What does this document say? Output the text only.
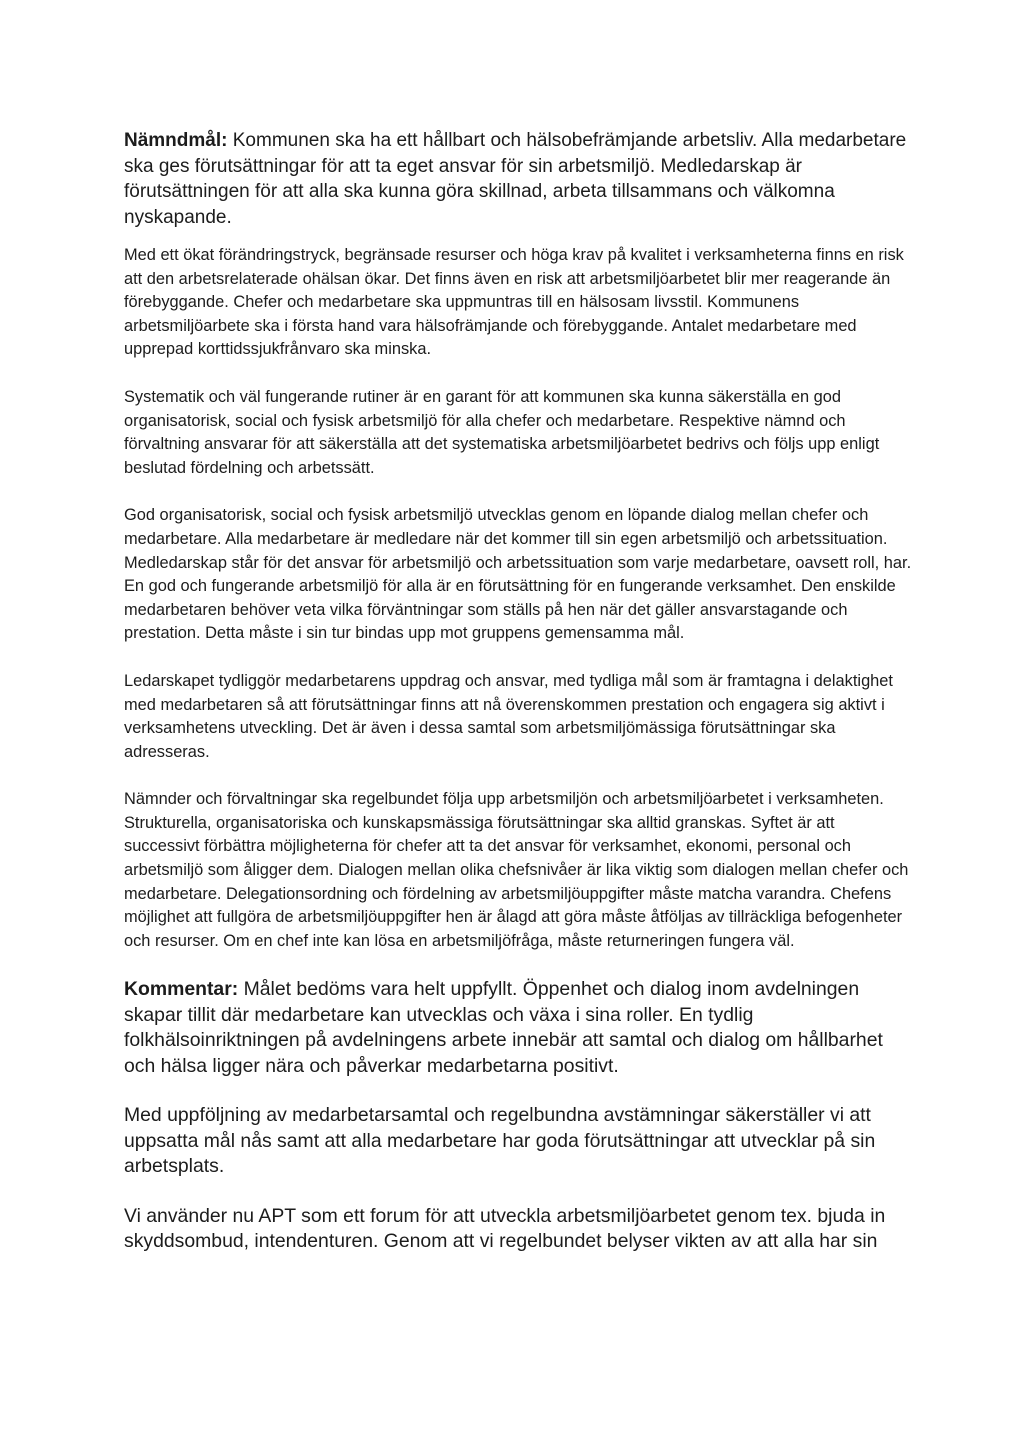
Nämndmål: Kommunen ska ha ett hållbart och hälsobefrämjande arbetsliv. Alla medarbetare ska ges förutsättningar för att ta eget ansvar för sin arbetsmiljö. Medledarskap är förutsättningen för att alla ska kunna göra skillnad, arbeta tillsammans och välkomna nyskapande.

Med ett ökat förändringstryck, begränsade resurser och höga krav på kvalitet i verksamheterna finns en risk att den arbetsrelaterade ohälsan ökar. Det finns även en risk att arbetsmiljöarbetet blir mer reagerande än förebyggande. Chefer och medarbetare ska uppmuntras till en hälsosam livsstil. Kommunens arbetsmiljöarbete ska i första hand vara hälsofrämjande och förebyggande. Antalet medarbetare med upprepad korttidssjukfrånvaro ska minska.

Systematik och väl fungerande rutiner är en garant för att kommunen ska kunna säkerställa en god organisatorisk, social och fysisk arbetsmiljö för alla chefer och medarbetare. Respektive nämnd och förvaltning ansvarar för att säkerställa att det systematiska arbetsmiljöarbetet bedrivs och följs upp enligt beslutad fördelning och arbetssätt.

God organisatorisk, social och fysisk arbetsmiljö utvecklas genom en löpande dialog mellan chefer och medarbetare. Alla medarbetare är medledare när det kommer till sin egen arbetsmiljö och arbetssituation. Medledarskap står för det ansvar för arbetsmiljö och arbetssituation som varje medarbetare, oavsett roll, har. En god och fungerande arbetsmiljö för alla är en förutsättning för en fungerande verksamhet. Den enskilde medarbetaren behöver veta vilka förväntningar som ställs på hen när det gäller ansvarstagande och prestation. Detta måste i sin tur bindas upp mot gruppens gemensamma mål.

Ledarskapet tydliggör medarbetarens uppdrag och ansvar, med tydliga mål som är framtagna i delaktighet med medarbetaren så att förutsättningar finns att nå överenskommen prestation och engagera sig aktivt i verksamhetens utveckling. Det är även i dessa samtal som arbetsmiljömässiga förutsättningar ska adresseras.

Nämnder och förvaltningar ska regelbundet följa upp arbetsmiljön och arbetsmiljöarbetet i verksamheten. Strukturella, organisatoriska och kunskapsmässiga förutsättningar ska alltid granskas. Syftet är att successivt förbättra möjligheterna för chefer att ta det ansvar för verksamhet, ekonomi, personal och arbetsmiljö som åligger dem. Dialogen mellan olika chefsnivåer är lika viktig som dialogen mellan chefer och medarbetare. Delegationsordning och fördelning av arbetsmiljöuppgifter måste matcha varandra. Chefens möjlighet att fullgöra de arbetsmiljöuppgifter hen är ålagd att göra måste åtföljas av tillräckliga befogenheter och resurser. Om en chef inte kan lösa en arbetsmiljöfråga, måste returneringen fungera väl.

Kommentar: Målet bedöms vara helt uppfyllt. Öppenhet och dialog inom avdelningen skapar tillit där medarbetare kan utvecklas och växa i sina roller. En tydlig folkhälsoinriktningen på avdelningens arbete innebär att samtal och dialog om hållbarhet och hälsa ligger nära och påverkar medarbetarna positivt.

Med uppföljning av medarbetarsamtal och regelbundna avstämningar säkerställer vi att uppsatta mål nås samt att alla medarbetare har goda förutsättningar att utvecklar på sin arbetsplats.

Vi använder nu APT som ett forum för att utveckla arbetsmiljöarbetet genom tex. bjuda in skyddsombud, intendenturen. Genom att vi regelbundet belyser vikten av att alla har sin
